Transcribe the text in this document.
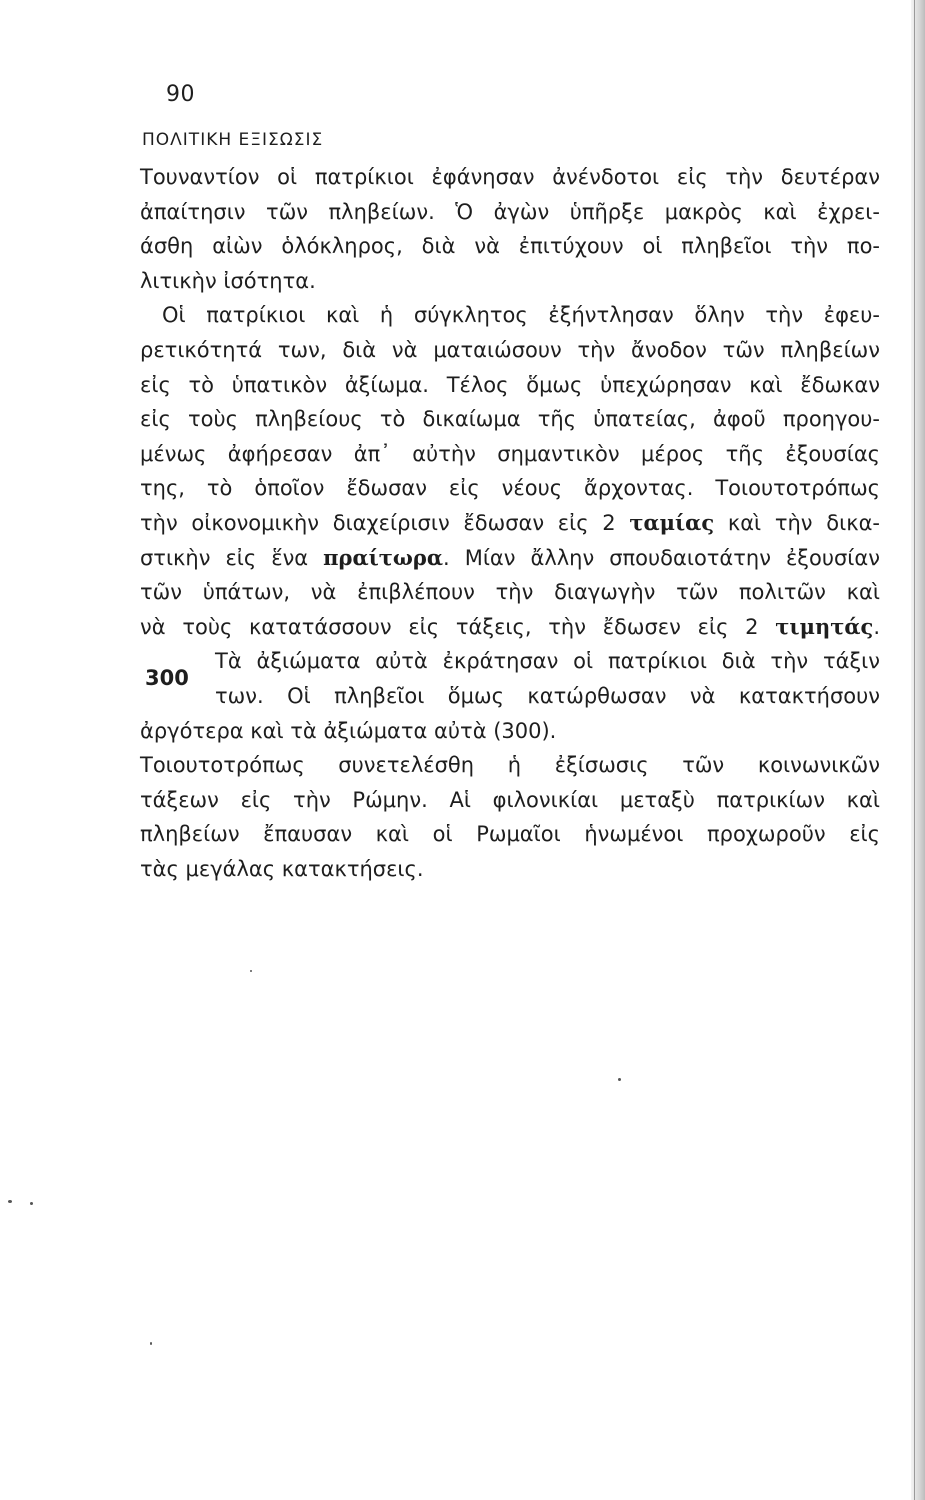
90
ΠΟΛΙΤΙΚΗ ΕΞΙΣΩΣΙΣ
300
Τουναντίον οἱ πατρίκιοι ἐφάνησαν ἀνένδοτοι εἰς τὴν δευτέραν
ἀπαίτησιν τῶν πληβείων. Ὁ ἀγὼν ὑπῆρξε μακρὸς καὶ ἐχρει-
άσθη αἰὼν ὁλόκληρος, διὰ νὰ ἐπιτύχουν οἱ πληβεῖοι τὴν πο-
λιτικὴν ἰσότητα.
Οἱ πατρίκιοι καὶ ἡ σύγκλητος ἐξήντλησαν ὅλην τὴν ἐφευ-
ρετικότητά των, διὰ νὰ ματαιώσουν τὴν ἄνοδον τῶν πληβείων
εἰς τὸ ὑπατικὸν ἀξίωμα. Τέλος ὅμως ὑπεχώρησαν καὶ ἔδωκαν
εἰς τοὺς πληβείους τὸ δικαίωμα τῆς ὑπατείας, ἀφοῦ προηγου-
μένως ἀφήρεσαν ἀπ᾽ αὐτὴν σημαντικὸν μέρος τῆς ἐξουσίας
της, τὸ ὁποῖον ἔδωσαν εἰς νέους ἄρχοντας. Τοιουτοτρόπως
τὴν οἰκονομικὴν διαχείρισιν ἔδωσαν εἰς 2 ταμίας καὶ τὴν δικα-
στικὴν εἰς ἕνα πραίτωρα. Μίαν ἄλλην σπουδαιοτάτην ἐξουσίαν
τῶν ὑπάτων, νὰ ἐπιβλέπουν τὴν διαγωγὴν τῶν πολιτῶν καὶ
νὰ τοὺς κατατάσσουν εἰς τάξεις, τὴν ἔδωσεν εἰς 2 τιμητάς.
Τὰ ἀξιώματα αὐτὰ ἐκράτησαν οἱ πατρίκιοι διὰ τὴν τάξιν
των. Οἱ πληβεῖοι ὅμως κατώρθωσαν νὰ κατακτήσουν
ἀργότερα καὶ τὰ ἀξιώματα αὐτὰ (300).
Τοιουτοτρόπως συνετελέσθη ἡ ἐξίσωσις τῶν κοινωνικῶν
τάξεων εἰς τὴν Ρώμην. Αἱ φιλονικίαι μεταξὺ πατρικίων καὶ
πληβείων ἔπαυσαν καὶ οἱ Ρωμαῖοι ἡνωμένοι προχωροῦν εἰς
τὰς μεγάλας κατακτήσεις.
